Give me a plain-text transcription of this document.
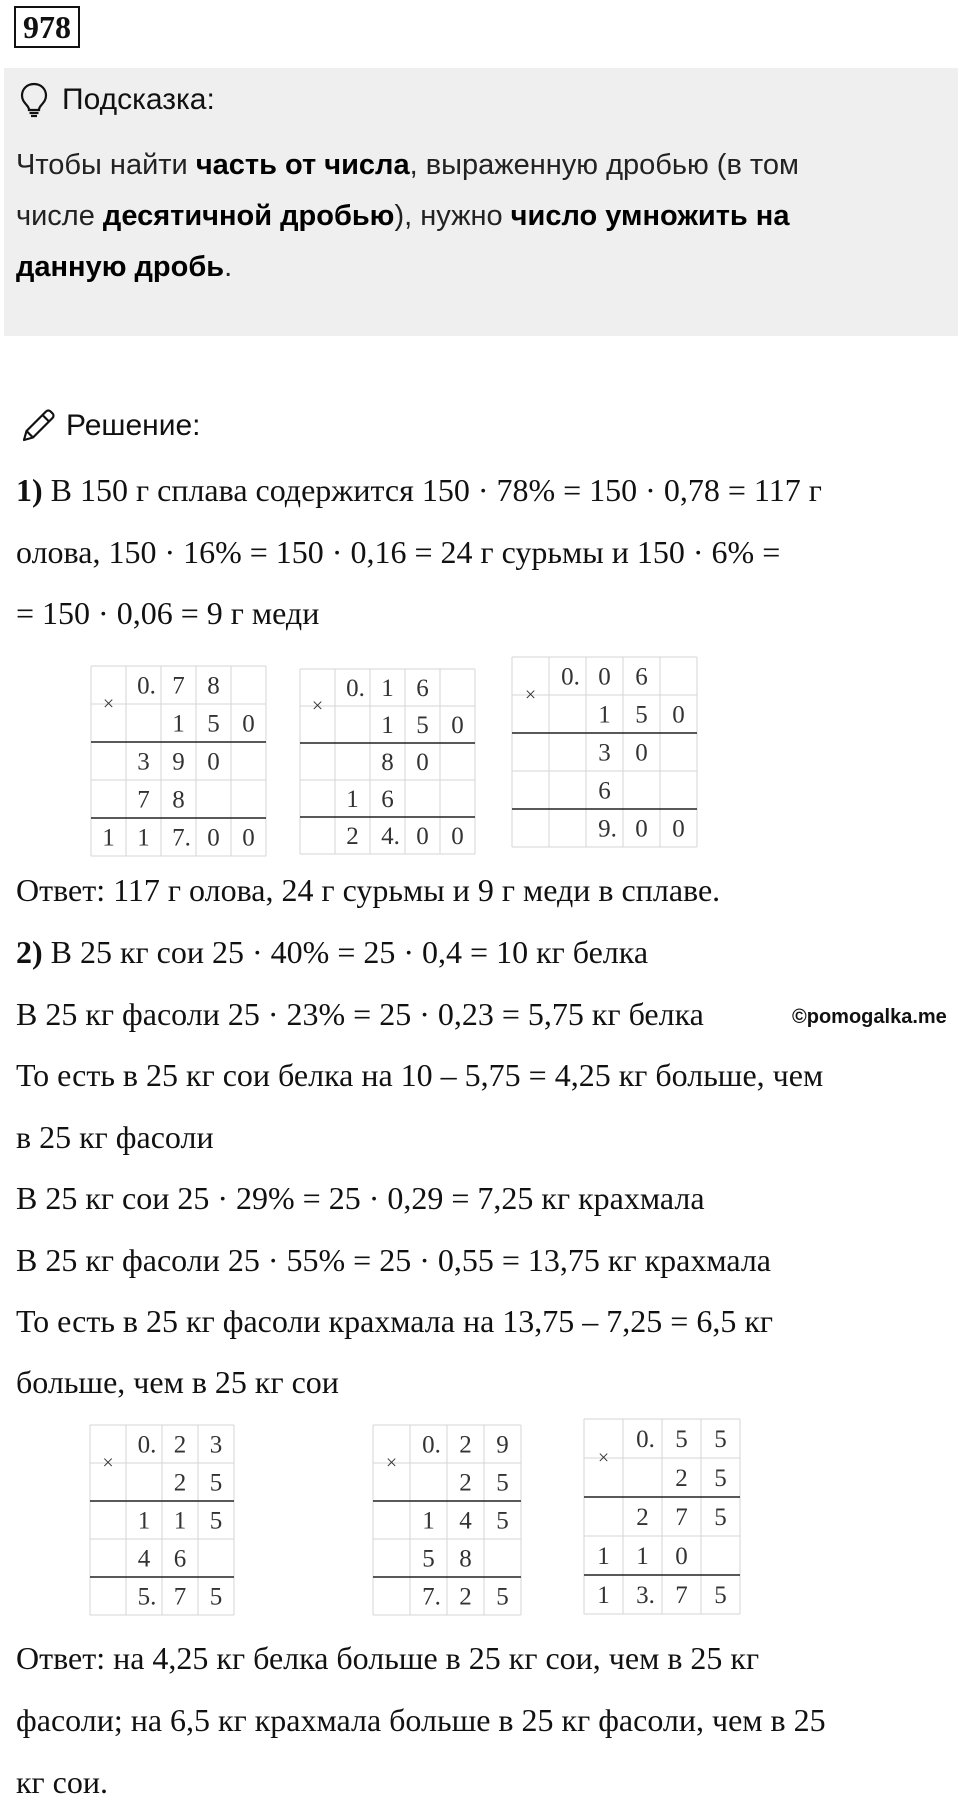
978
Подсказка:
Чтобы найти часть от числа, выраженную дробью (в том
числе десятичной дробью), нужно число умножить на
данную дробь.
Решение:
1) В 150 г сплава содержится 150 · 78% = 150 · 0,78 = 117 г
олова, 150 · 16% = 150 · 0,16 = 24 г сурьмы и 150 · 6% =
= 150 · 0,06 = 9 г меди
Ответ: 117 г олова, 24 г сурьмы и 9 г меди в сплаве.
2) В 25 кг сои 25 · 40% = 25 · 0,4 = 10 кг белка
В 25 кг фасоли 25 · 23% = 25 · 0,23 = 5,75 кг белка
То есть в 25 кг сои белка на 10 – 5,75 = 4,25 кг больше, чем
в 25 кг фасоли
В 25 кг сои 25 · 29% = 25 · 0,29 = 7,25 кг крахмала
В 25 кг фасоли 25 · 55% = 25 · 0,55 = 13,75 кг крахмала
То есть в 25 кг фасоли крахмала на 13,75 – 7,25 = 6,5 кг
больше, чем в 25 кг сои
Ответ: на 4,25 кг белка больше в 25 кг сои, чем в 25 кг
фасоли; на 6,5 кг крахмала больше в 25 кг фасоли, чем в 25
кг сои.
©pomogalka.me
×
0. 7 8
1 5 0
3 9 0
7 8
1 1 7. 0 0
×
0. 1 6
1 5 0
8 0
1 6
2 4. 0 0
×
0. 0 6
1 5 0
3 0
6
9. 0 0
×
0. 2 3
2 5
1 1 5
4 6
5. 7 5
×
0. 2 9
2 5
1 4 5
5 8
7. 2 5
×
0. 5 5
2 5
2 7 5
1 1 0
1 3. 7 5
